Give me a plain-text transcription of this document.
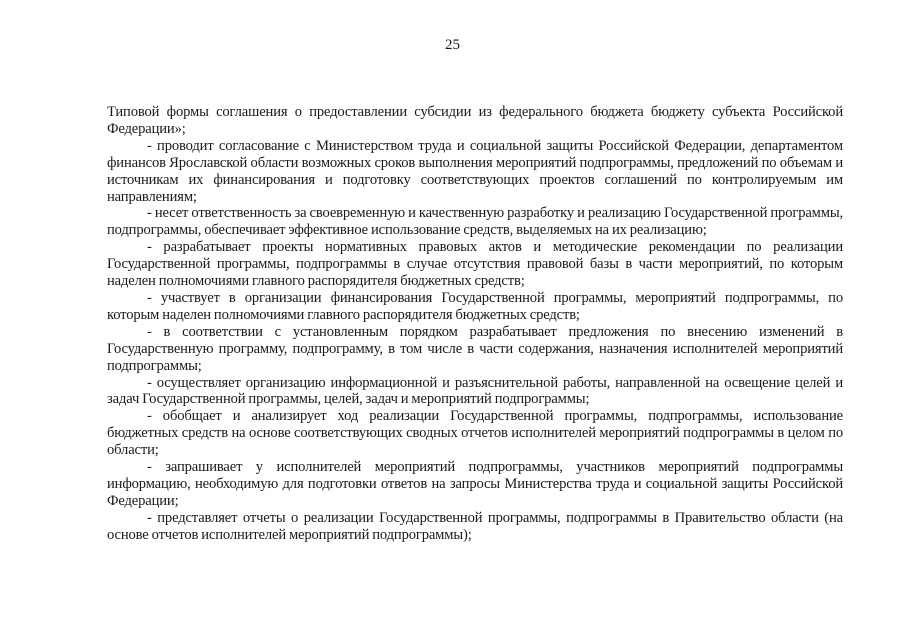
25

Типовой формы соглашения о предоставлении субсидии из федерального бюджета бюджету субъекта Российской Федерации»;

- проводит согласование с Министерством труда и социальной защиты Российской Федерации, департаментом финансов Ярославской области возможных сроков выполнения мероприятий подпрограммы, предложений по объемам и источникам их финансирования и подготовку соответствующих проектов соглашений по контролируемым им направлениям;

- несет ответственность за своевременную и качественную разработку и реализацию Государственной программы, подпрограммы, обеспечивает эффективное использование средств, выделяемых на их реализацию;

- разрабатывает проекты нормативных правовых актов и методические рекомендации по реализации Государственной программы, подпрограммы в случае отсутствия правовой базы в части мероприятий, по которым наделен полномочиями главного распорядителя бюджетных средств;

- участвует в организации финансирования Государственной программы, мероприятий подпрограммы, по которым наделен полномочиями главного распорядителя бюджетных средств;

- в соответствии с установленным порядком разрабатывает предложения по внесению изменений в Государственную программу, подпрограмму, в том числе в части содержания, назначения исполнителей мероприятий подпрограммы;

- осуществляет организацию информационной и разъяснительной работы, направленной на освещение целей и задач Государственной программы, целей, задач и мероприятий подпрограммы;

- обобщает и анализирует ход реализации Государственной программы, подпрограммы, использование бюджетных средств на основе соответствующих сводных отчетов исполнителей мероприятий подпрограммы в целом по области;

- запрашивает у исполнителей мероприятий подпрограммы, участников мероприятий подпрограммы информацию, необходимую для подготовки ответов на запросы Министерства труда и социальной защиты Российской Федерации;

- представляет отчеты о реализации Государственной программы, подпрограммы в Правительство области (на основе отчетов исполнителей мероприятий подпрограммы);
